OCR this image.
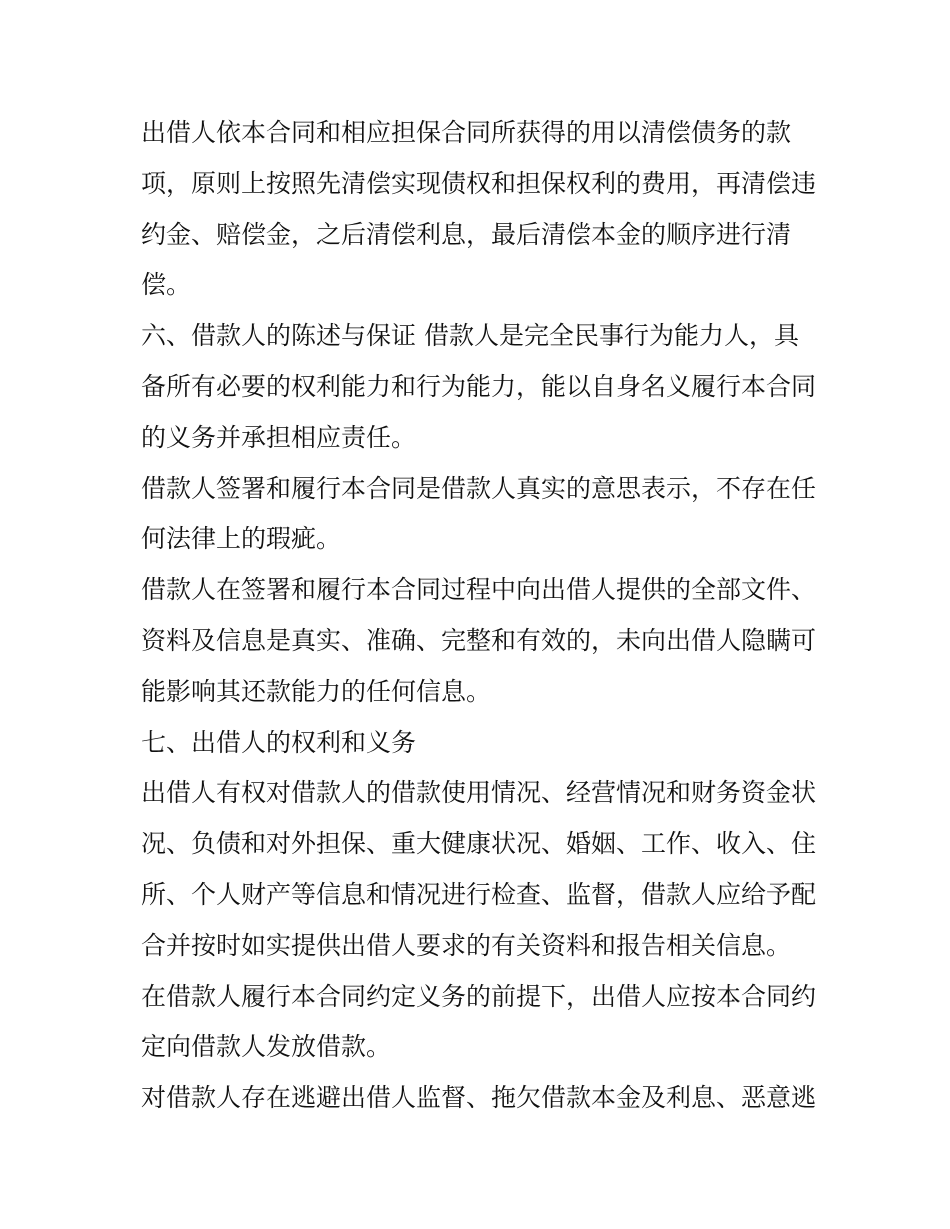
出借人依本合同和相应担保合同所获得的用以清偿债务的款

项，原则上按照先清偿实现债权和担保权利的费用，再清偿违

约金、赔偿金，之后清偿利息，最后清偿本金的顺序进行清

偿。

六、借款人的陈述与保证 借款人是完全民事行为能力人，具

备所有必要的权利能力和行为能力，能以自身名义履行本合同

的义务并承担相应责任。

借款人签署和履行本合同是借款人真实的意思表示，不存在任

何法律上的瑕疵。

借款人在签署和履行本合同过程中向出借人提供的全部文件、

资料及信息是真实、准确、完整和有效的，未向出借人隐瞒可

能影响其还款能力的任何信息。

七、出借人的权利和义务

出借人有权对借款人的借款使用情况、经营情况和财务资金状

况、负债和对外担保、重大健康状况、婚姻、工作、收入、住

所、个人财产等信息和情况进行检查、监督，借款人应给予配

合并按时如实提供出借人要求的有关资料和报告相关信息。

在借款人履行本合同约定义务的前提下，出借人应按本合同约

定向借款人发放借款。

对借款人存在逃避出借人监督、拖欠借款本金及利息、恶意逃
